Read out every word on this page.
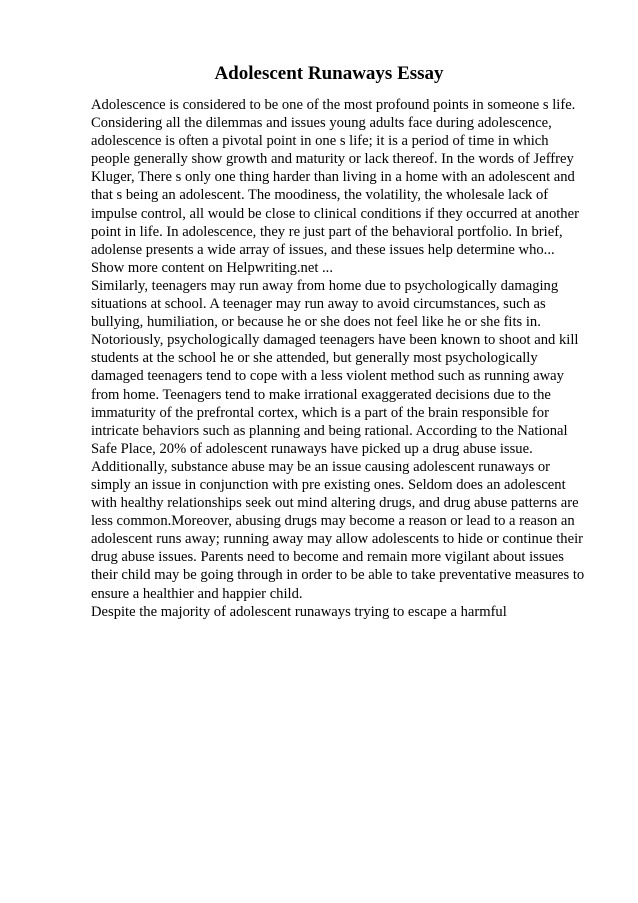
Adolescent Runaways Essay

Adolescence is considered to be one of the most profound points in someone s life. Considering all the dilemmas and issues young adults face during adolescence, adolescence is often a pivotal point in one s life; it is a period of time in which people generally show growth and maturity or lack thereof. In the words of Jeffrey Kluger, There s only one thing harder than living in a home with an adolescent and that s being an adolescent. The moodiness, the volatility, the wholesale lack of impulse control, all would be close to clinical conditions if they occurred at another point in life. In adolescence, they re just part of the behavioral portfolio. In brief, adolense presents a wide array of issues, and these issues help determine who... Show more content on Helpwriting.net ...

Similarly, teenagers may run away from home due to psychologically damaging situations at school. A teenager may run away to avoid circumstances, such as bullying, humiliation, or because he or she does not feel like he or she fits in. Notoriously, psychologically damaged teenagers have been known to shoot and kill students at the school he or she attended, but generally most psychologically damaged teenagers tend to cope with a less violent method such as running away from home. Teenagers tend to make irrational exaggerated decisions due to the immaturity of the prefrontal cortex, which is a part of the brain responsible for intricate behaviors such as planning and being rational. According to the National Safe Place, 20% of adolescent runaways have picked up a drug abuse issue.

Additionally, substance abuse may be an issue causing adolescent runaways or simply an issue in conjunction with pre existing ones. Seldom does an adolescent with healthy relationships seek out mind altering drugs, and drug abuse patterns are less common.Moreover, abusing drugs may become a reason or lead to a reason an adolescent runs away; running away may allow adolescents to hide or continue their drug abuse issues. Parents need to become and remain more vigilant about issues their child may be going through in order to be able to take preventative measures to ensure a healthier and happier child.

Despite the majority of adolescent runaways trying to escape a harmful
